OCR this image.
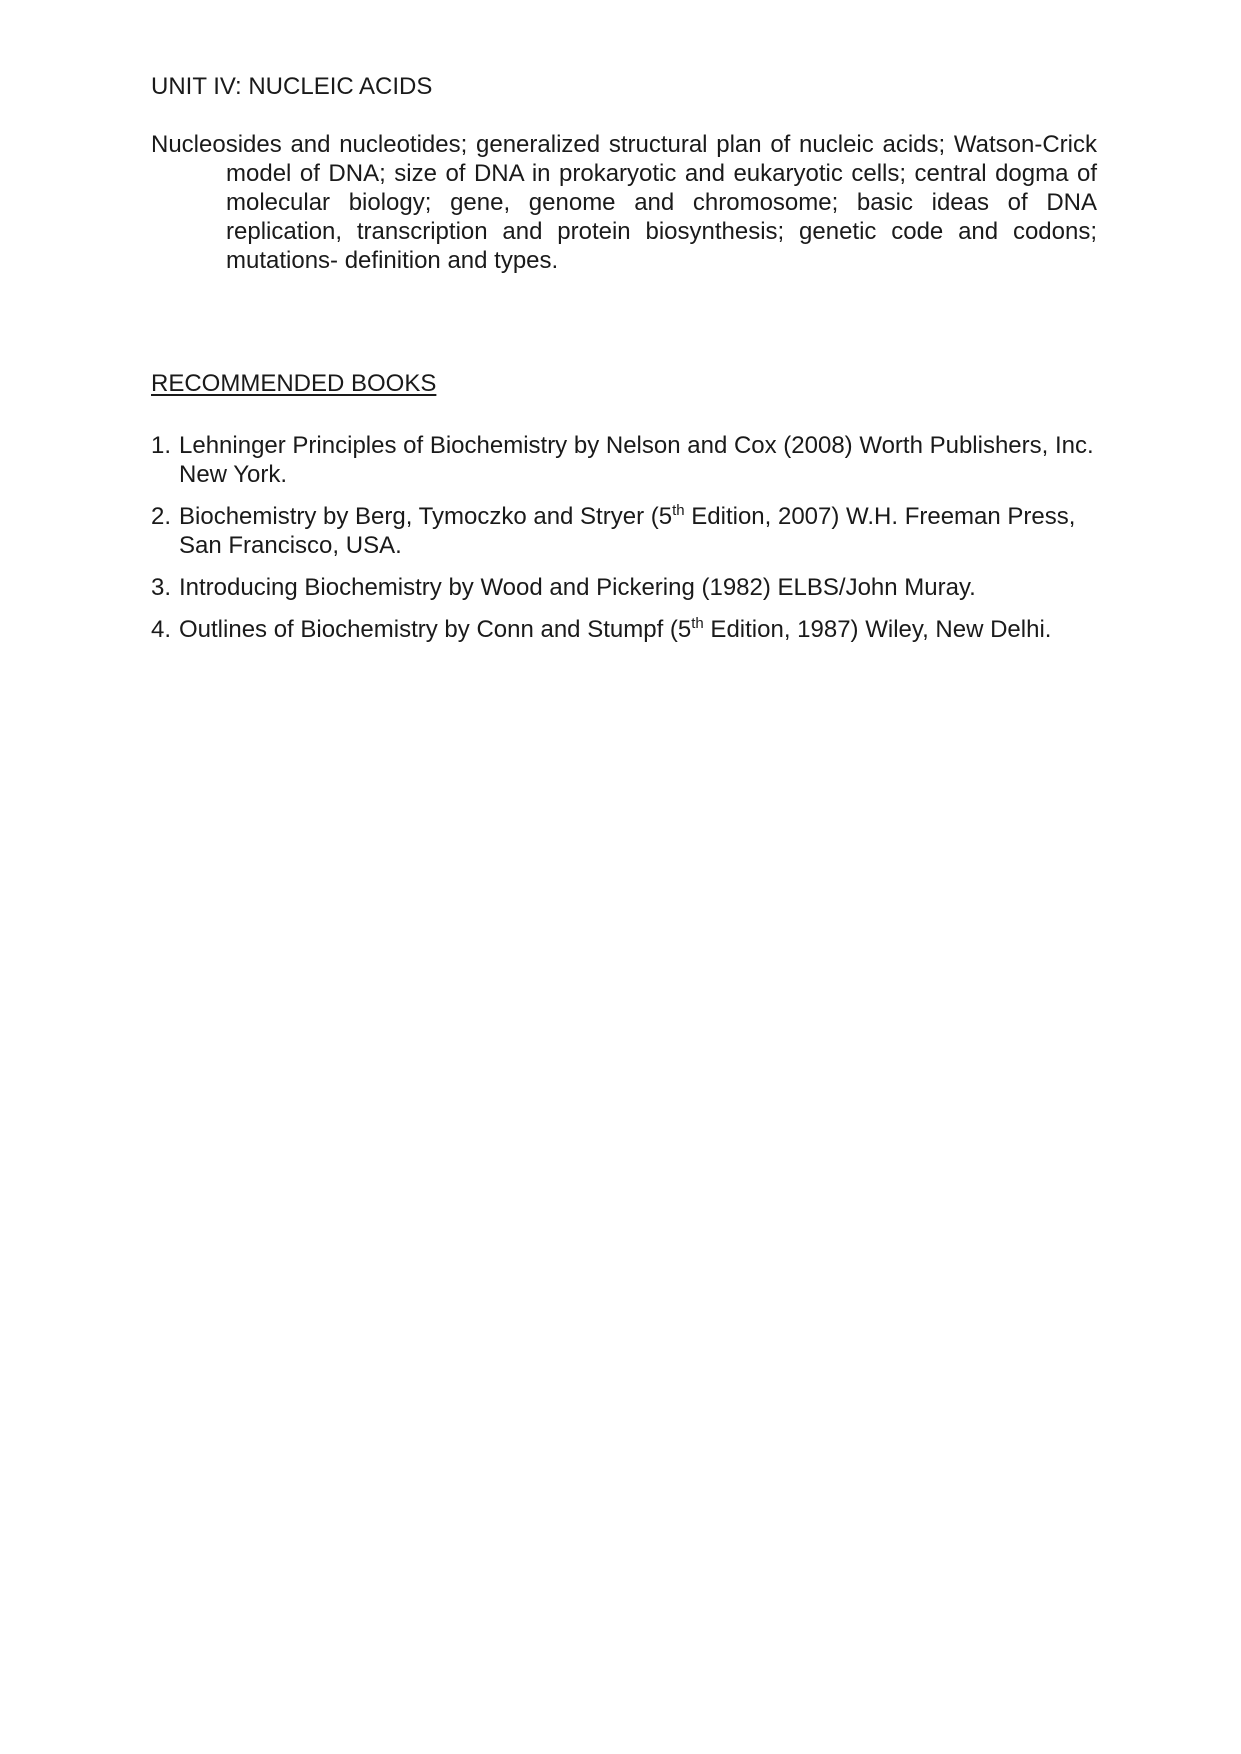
UNIT IV: NUCLEIC ACIDS

Nucleosides and nucleotides; generalized structural plan of nucleic acids; Watson-Crick model of DNA; size of DNA in prokaryotic and eukaryotic cells; central dogma of molecular biology; gene, genome and chromosome; basic ideas of DNA replication, transcription and protein biosynthesis; genetic code and codons; mutations- definition and types.

RECOMMENDED BOOKS
1. Lehninger Principles of Biochemistry by Nelson and Cox (2008) Worth Publishers, Inc. New York.
2. Biochemistry by Berg, Tymoczko and Stryer (5th Edition, 2007) W.H. Freeman Press, San Francisco, USA.
3. Introducing Biochemistry by Wood and Pickering (1982) ELBS/John Muray.
4. Outlines of Biochemistry by Conn and Stumpf (5th Edition, 1987) Wiley, New Delhi.
